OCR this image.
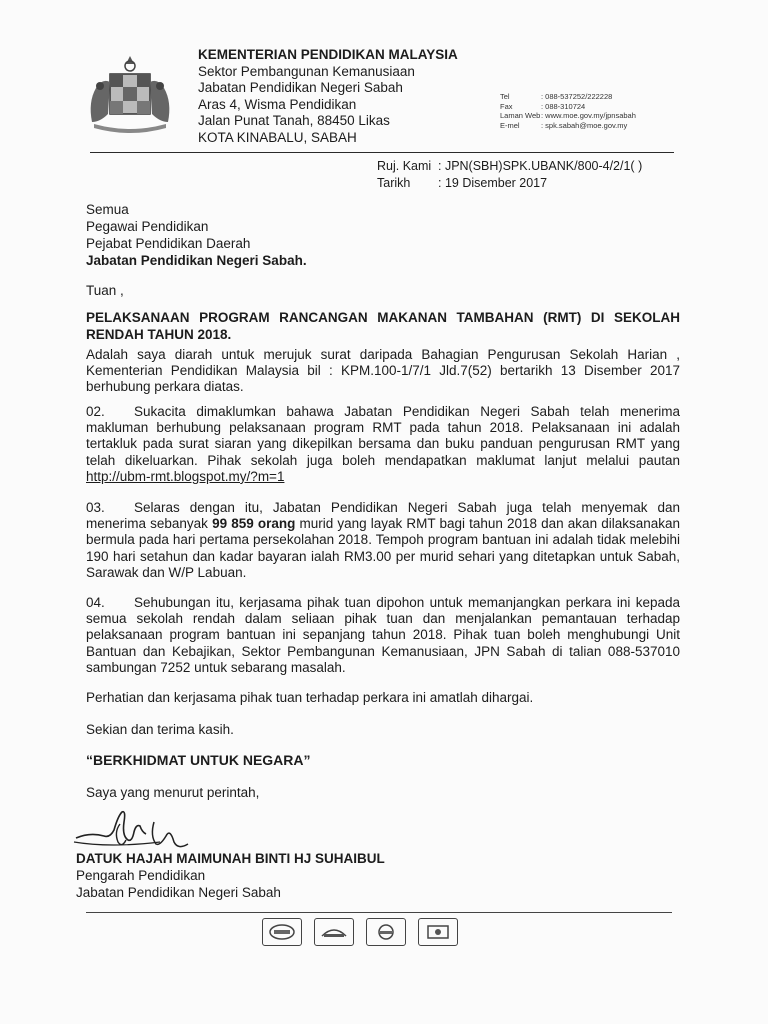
KEMENTERIAN PENDIDIKAN MALAYSIA
Sektor Pembangunan Kemanusiaan
Jabatan Pendidikan Negeri Sabah
Aras 4, Wisma Pendidikan
Jalan Punat Tanah, 88450 Likas
KOTA KINABALU, SABAH
Tel	: 088-537252/222228
Fax	: 088-310724
Laman Web : www.moe.gov.my/jpnsabah
E-mel	: spk.sabah@moe.gov.my
Ruj. Kami : JPN(SBH)SPK.UBANK/800-4/2/1( )
Tarikh	: 19 Disember 2017
Semua
Pegawai Pendidikan
Pejabat Pendidikan Daerah
Jabatan Pendidikan Negeri Sabah.
Tuan ,
PELAKSANAAN PROGRAM RANCANGAN MAKANAN TAMBAHAN (RMT) DI SEKOLAH RENDAH TAHUN 2018.
Adalah saya diarah untuk merujuk surat daripada Bahagian Pengurusan Sekolah Harian , Kementerian Pendidikan Malaysia bil : KPM.100-1/7/1 Jld.7(52) bertarikh 13 Disember 2017 berhubung perkara diatas.
02. Sukacita dimaklumkan bahawa Jabatan Pendidikan Negeri Sabah telah menerima makluman berhubung pelaksanaan program RMT pada tahun 2018. Pelaksanaan ini adalah tertakluk pada surat siaran yang dikepilkan bersama dan buku panduan pengurusan RMT yang telah dikeluarkan. Pihak sekolah juga boleh mendapatkan maklumat lanjut melalui pautan http://ubm-rmt.blogspot.my/?m=1
03. Selaras dengan itu, Jabatan Pendidikan Negeri Sabah juga telah menyemak dan menerima sebanyak 99 859 orang murid yang layak RMT bagi tahun 2018 dan akan dilaksanakan bermula pada hari pertama persekolahan 2018. Tempoh program bantuan ini adalah tidak melebihi 190 hari setahun dan kadar bayaran ialah RM3.00 per murid sehari yang ditetapkan untuk Sabah, Sarawak dan W/P Labuan.
04. Sehubungan itu, kerjasama pihak tuan dipohon untuk memanjangkan perkara ini kepada semua sekolah rendah dalam seliaan pihak tuan dan menjalankan pemantauan terhadap pelaksanaan program bantuan ini sepanjang tahun 2018. Pihak tuan boleh menghubungi Unit Bantuan dan Kebajikan, Sektor Pembangunan Kemanusiaan, JPN Sabah di talian 088-537010 sambungan 7252 untuk sebarang masalah.
Perhatian dan kerjasama pihak tuan terhadap perkara ini amatlah dihargai.
Sekian dan terima kasih.
“BERKHIDMAT UNTUK NEGARA”
Saya yang menurut perintah,
DATUK HAJAH MAIMUNAH BINTI HJ SUHAIBUL
Pengarah Pendidikan
Jabatan Pendidikan Negeri Sabah
